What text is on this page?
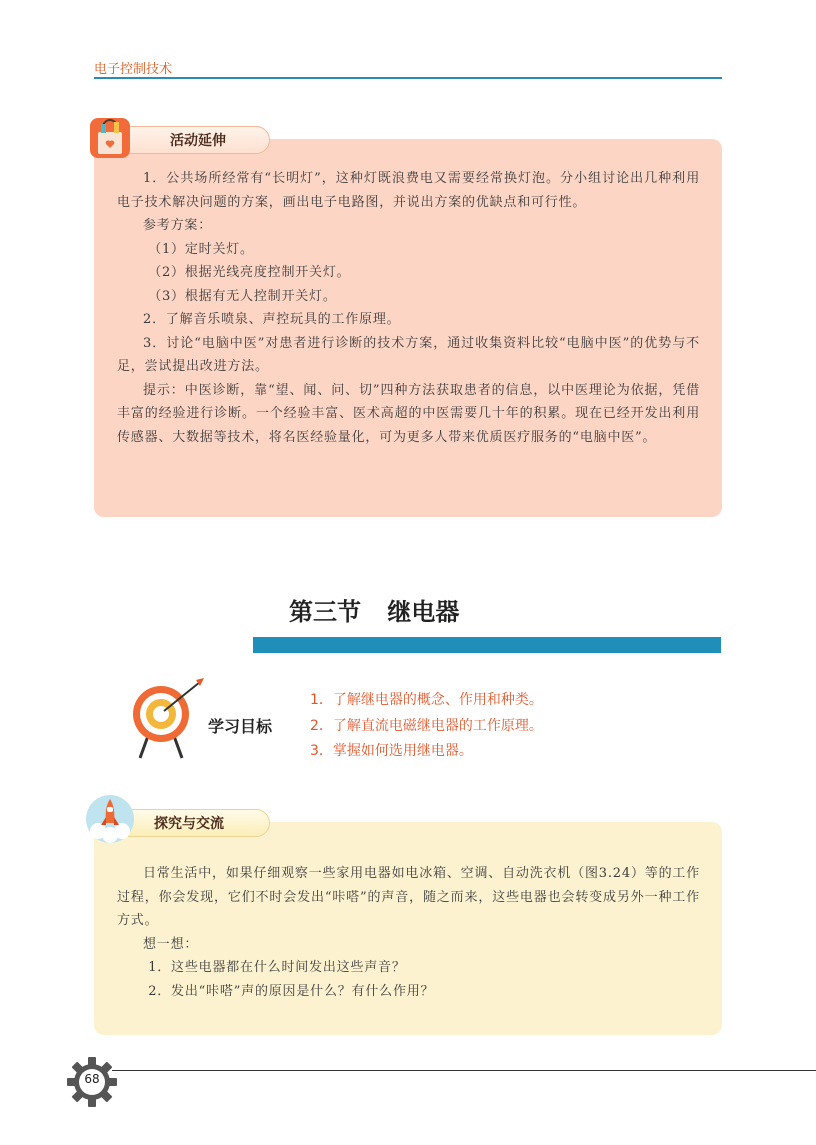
电子控制技术
活动延伸

1．公共场所经常有“长明灯”，这种灯既浪费电又需要经常换灯泡。分小组讨论出几种利用电子技术解决问题的方案，画出电子电路图，并说出方案的优缺点和可行性。

参考方案：

（1）定时关灯。

（2）根据光线亮度控制开关灯。

（3）根据有无人控制开关灯。

2．了解音乐喷泉、声控玩具的工作原理。

3．讨论“电脑中医”对患者进行诊断的技术方案，通过收集资料比较“电脑中医”的优势与不足，尝试提出改进方法。

提示：中医诊断，靠“望、闻、问、切”四种方法获取患者的信息，以中医理论为依据，凭借丰富的经验进行诊断。一个经验丰富、医术高超的中医需要几十年的积累。现在已经开发出利用传感器、大数据等技术，将名医经验量化，可为更多人带来优质医疗服务的“电脑中医”。

第三节 继电器
学习目标
1．了解继电器的概念、作用和种类。
2．了解直流电磁继电器的工作原理。
3．掌握如何选用继电器。
探究与交流

日常生活中，如果仔细观察一些家用电器如电冰箱、空调、自动洗衣机（图3.24）等的工作过程，你会发现，它们不时会发出“咔嗒”的声音，随之而来，这些电器也会转变成另外一种工作方式。

想一想：

1．这些电器都在什么时间发出这些声音？

2．发出“咔嗒”声的原因是什么？有什么作用？

68
